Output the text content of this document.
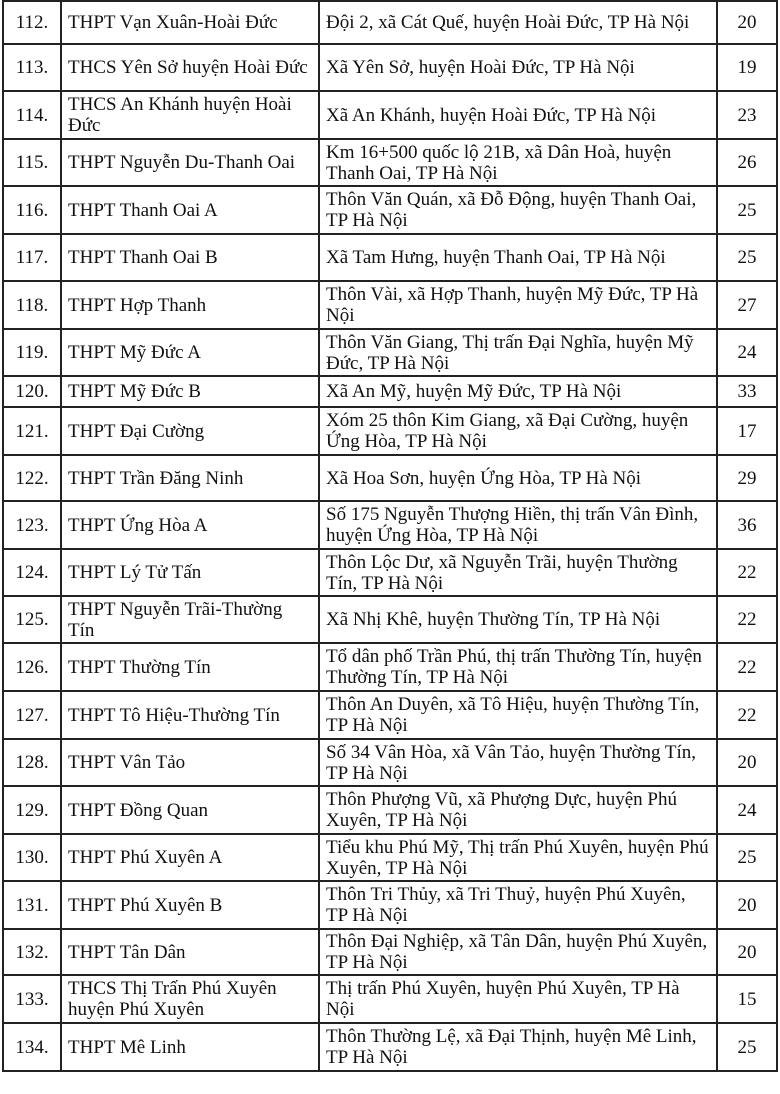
112.	THPT Vạn Xuân-Hoài Đức	Đội 2, xã Cát Quế, huyện Hoài Đức, TP Hà Nội	20
113.	THCS Yên Sở huyện Hoài Đức	Xã Yên Sở, huyện Hoài Đức, TP Hà Nội	19
114.	THCS An Khánh huyện Hoài Đức	Xã An Khánh, huyện Hoài Đức, TP Hà Nội	23
115.	THPT Nguyễn Du-Thanh Oai	Km 16+500 quốc lộ 21B, xã Dân Hoà, huyện Thanh Oai, TP Hà Nội	26
116.	THPT Thanh Oai A	Thôn Văn Quán, xã Đỗ Động, huyện Thanh Oai, TP Hà Nội	25
117.	THPT Thanh Oai B	Xã Tam Hưng, huyện Thanh Oai, TP Hà Nội	25
118.	THPT Hợp Thanh	Thôn Vài, xã Hợp Thanh, huyện Mỹ Đức, TP Hà Nội	27
119.	THPT Mỹ Đức A	Thôn Văn Giang, Thị trấn Đại Nghĩa, huyện Mỹ Đức, TP Hà Nội	24
120.	THPT Mỹ Đức B	Xã An Mỹ, huyện Mỹ Đức, TP Hà Nội	33
121.	THPT Đại Cường	Xóm 25 thôn Kim Giang, xã Đại Cường, huyện Ứng Hòa, TP Hà Nội	17
122.	THPT Trần Đăng Ninh	Xã Hoa Sơn, huyện Ứng Hòa, TP Hà Nội	29
123.	THPT Ứng Hòa A	Số 175 Nguyễn Thượng Hiền, thị trấn Vân Đình, huyện Ứng Hòa, TP Hà Nội	36
124.	THPT Lý Tử Tấn	Thôn Lộc Dư, xã Nguyễn Trãi, huyện Thường Tín, TP Hà Nội	22
125.	THPT Nguyễn Trãi-Thường Tín	Xã Nhị Khê, huyện Thường Tín, TP Hà Nội	22
126.	THPT Thường Tín	Tổ dân phố Trần Phú, thị trấn Thường Tín, huyện Thường Tín, TP Hà Nội	22
127.	THPT Tô Hiệu-Thường Tín	Thôn An Duyên, xã Tô Hiệu, huyện Thường Tín, TP Hà Nội	22
128.	THPT Vân Tảo	Số 34 Vân Hòa, xã Vân Tảo, huyện Thường Tín, TP Hà Nội	20
129.	THPT Đồng Quan	Thôn Phượng Vũ, xã Phượng Dực, huyện Phú Xuyên, TP Hà Nội	24
130.	THPT Phú Xuyên A	Tiểu khu Phú Mỹ, Thị trấn Phú Xuyên, huyện Phú Xuyên, TP Hà Nội	25
131.	THPT Phú Xuyên B	Thôn Tri Thủy, xã Tri Thuỷ, huyện Phú Xuyên, TP Hà Nội	20
132.	THPT Tân Dân	Thôn Đại Nghiệp, xã Tân Dân, huyện Phú Xuyên, TP Hà Nội	20
133.	THCS Thị Trấn Phú Xuyên huyện Phú Xuyên	Thị trấn Phú Xuyên, huyện Phú Xuyên, TP Hà Nội	15
134.	THPT Mê Linh	Thôn Thường Lệ, xã Đại Thịnh, huyện Mê Linh, TP Hà Nội	25
